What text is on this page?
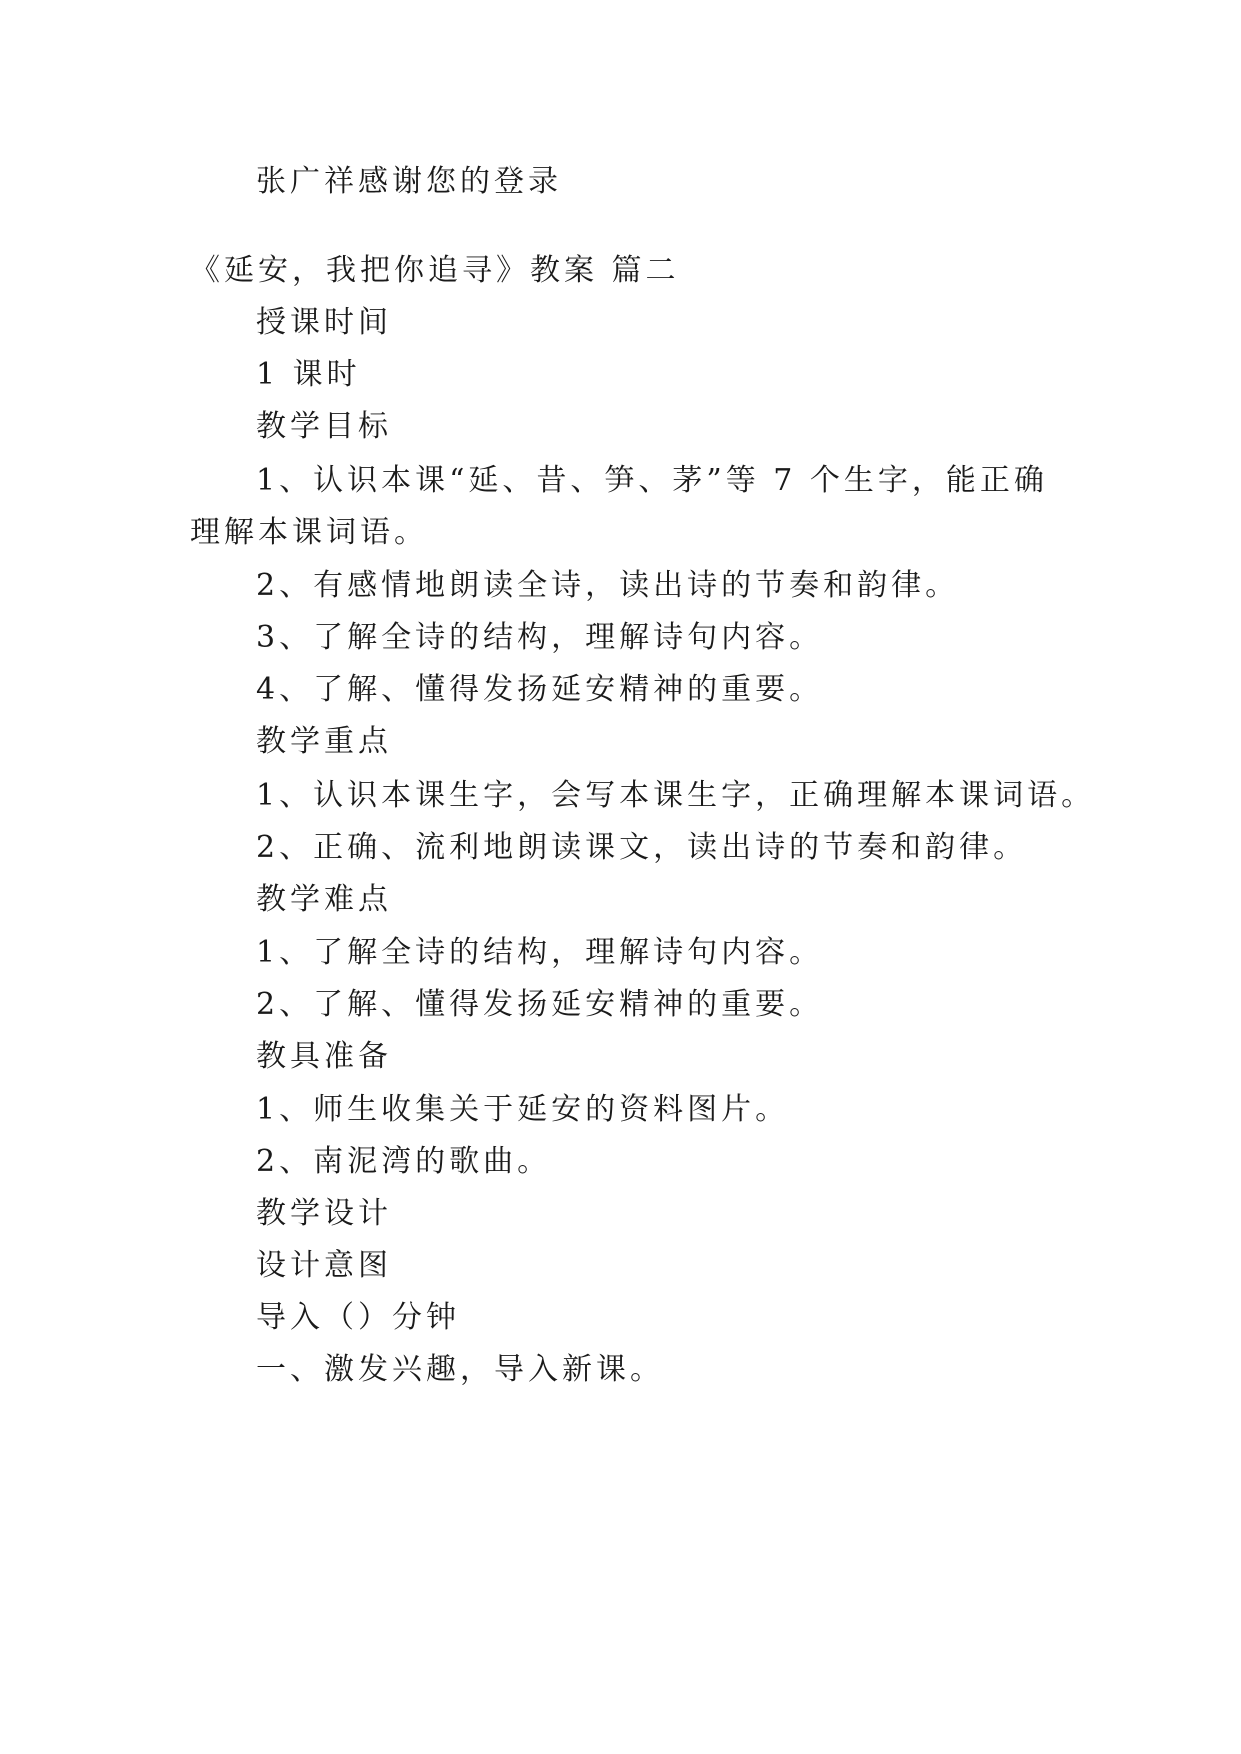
张广祥感谢您的登录
《延安，我把你追寻》教案 篇二
授课时间
1 课时
教学目标
1、认识本课“延、昔、笋、茅”等 7 个生字，能正确
理解本课词语。
2、有感情地朗读全诗，读出诗的节奏和韵律。
3、了解全诗的结构，理解诗句内容。
4、了解、懂得发扬延安精神的重要。
教学重点
1、认识本课生字，会写本课生字，正确理解本课词语。
2、正确、流利地朗读课文，读出诗的节奏和韵律。
教学难点
1、了解全诗的结构，理解诗句内容。
2、了解、懂得发扬延安精神的重要。
教具准备
1、师生收集关于延安的资料图片。
2、南泥湾的歌曲。
教学设计
设计意图
导入（）分钟
一、激发兴趣，导入新课。
